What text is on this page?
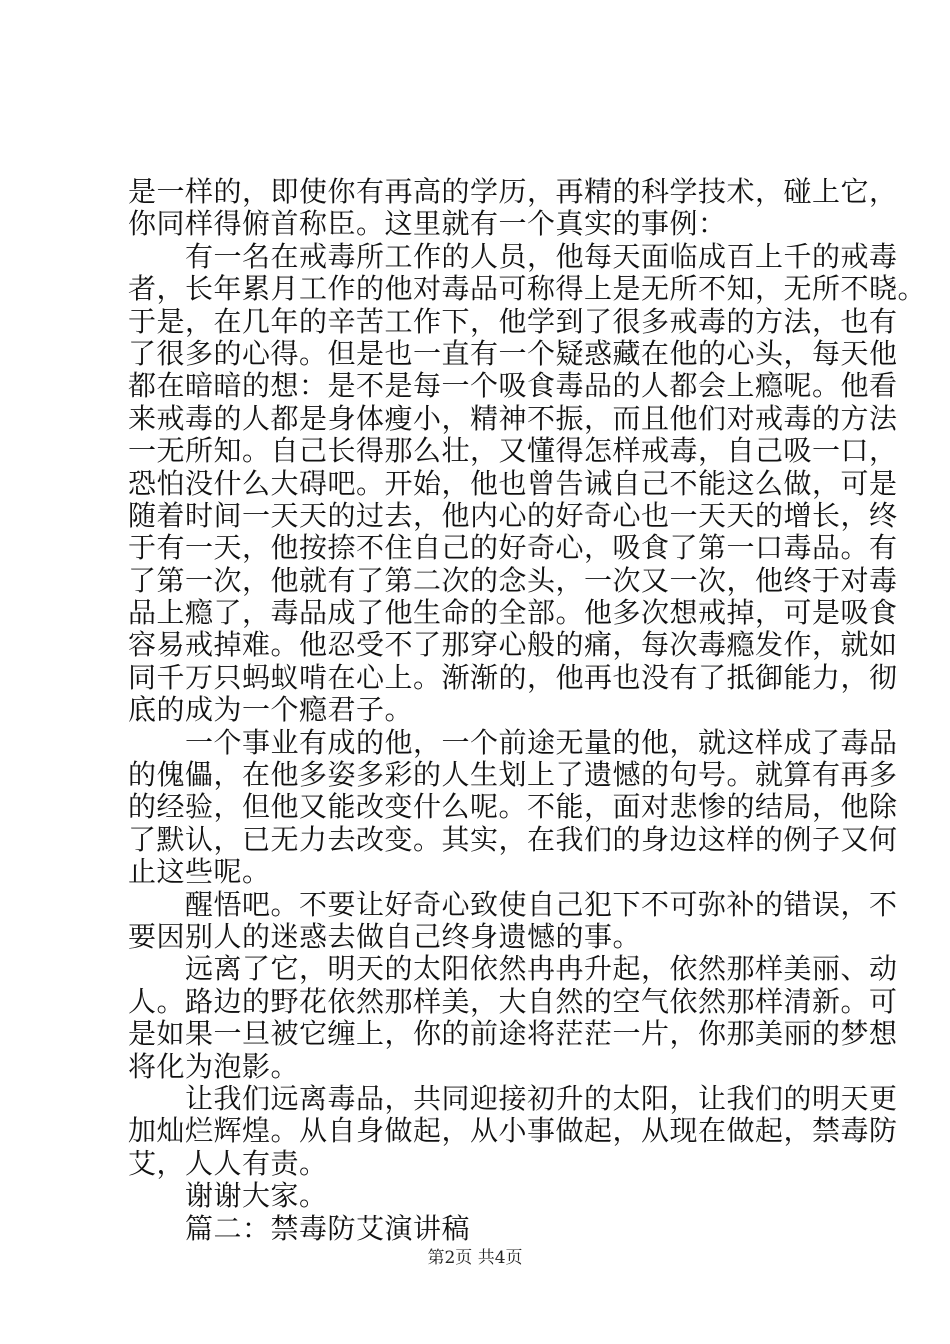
是一样的，即使你有再高的学历，再精的科学技术，碰上它，
你同样得俯首称臣。这里就有一个真实的事例：
有一名在戒毒所工作的人员，他每天面临成百上千的戒毒
者，长年累月工作的他对毒品可称得上是无所不知，无所不晓。
于是，在几年的辛苦工作下，他学到了很多戒毒的方法，也有
了很多的心得。但是也一直有一个疑惑藏在他的心头，每天他
都在暗暗的想：是不是每一个吸食毒品的人都会上瘾呢。他看
来戒毒的人都是身体瘦小，精神不振，而且他们对戒毒的方法
一无所知。自己长得那么壮，又懂得怎样戒毒，自己吸一口，
恐怕没什么大碍吧。开始，他也曾告诫自己不能这么做，可是
随着时间一天天的过去，他内心的好奇心也一天天的增长，终
于有一天，他按捺不住自己的好奇心，吸食了第一口毒品。有
了第一次，他就有了第二次的念头，一次又一次，他终于对毒
品上瘾了，毒品成了他生命的全部。他多次想戒掉，可是吸食
容易戒掉难。他忍受不了那穿心般的痛，每次毒瘾发作，就如
同千万只蚂蚁啃在心上。渐渐的，他再也没有了抵御能力，彻
底的成为一个瘾君子。
一个事业有成的他，一个前途无量的他，就这样成了毒品
的傀儡，在他多姿多彩的人生划上了遗憾的句号。就算有再多
的经验，但他又能改变什么呢。不能，面对悲惨的结局，他除
了默认，已无力去改变。其实，在我们的身边这样的例子又何
止这些呢。
醒悟吧。不要让好奇心致使自己犯下不可弥补的错误，不
要因别人的迷惑去做自己终身遗憾的事。
远离了它，明天的太阳依然冉冉升起，依然那样美丽、动
人。路边的野花依然那样美，大自然的空气依然那样清新。可
是如果一旦被它缠上，你的前途将茫茫一片，你那美丽的梦想
将化为泡影。
让我们远离毒品，共同迎接初升的太阳，让我们的明天更
加灿烂辉煌。从自身做起，从小事做起，从现在做起，禁毒防
艾，人人有责。
谢谢大家。
篇二：禁毒防艾演讲稿
第2页 共4页
